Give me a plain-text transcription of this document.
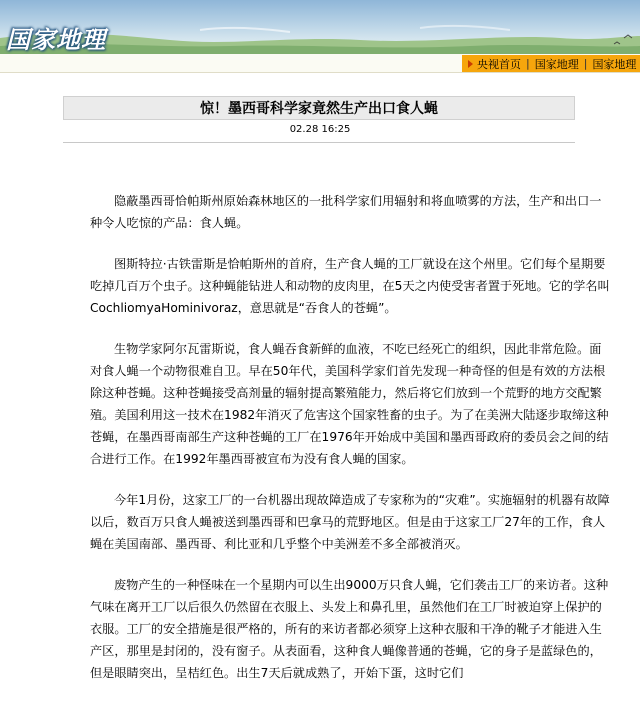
国家地理
央视首页 | 国家地理 | 国家地理
惊！墨西哥科学家竟然生产出口食人蝇
02.28 16:25

隐蔽墨西哥恰帕斯州原始森林地区的一批科学家们用辐射和将血喷雾的方法，生产和出口一种令人吃惊的产品：食人蝇。

图斯特拉·古铁雷斯是恰帕斯州的首府，生产食人蝇的工厂就设在这个州里。它们每个星期要吃掉几百万个虫子。这种蝇能钻进人和动物的皮肉里，在5天之内使受害者置于死地。它的学名叫CochliomyaHominivoraz，意思就是“吞食人的苍蝇”。

生物学家阿尔瓦雷斯说，食人蝇吞食新鲜的血液，不吃已经死亡的组织，因此非常危险。面对食人蝇一个动物很难自卫。早在50年代，美国科学家们首先发现一种奇怪的但是有效的方法根除这种苍蝇。这种苍蝇接受高剂量的辐射提高繁殖能力，然后将它们放到一个荒野的地方交配繁殖。美国利用这一技术在1982年消灭了危害这个国家牲畜的虫子。为了在美洲大陆逐步取缔这种苍蝇，在墨西哥南部生产这种苍蝇的工厂在1976年开始成中美国和墨西哥政府的委员会之间的结合进行工作。在1992年墨西哥被宣布为没有食人蝇的国家。

今年1月份，这家工厂的一台机器出现故障造成了专家称为的“灾难”。实施辐射的机器有故障以后，数百万只食人蝇被送到墨西哥和巴拿马的荒野地区。但是由于这家工厂27年的工作，食人蝇在美国南部、墨西哥、利比亚和几乎整个中美洲差不多全部被消灭。

废物产生的一种怪味在一个星期内可以生出9000万只食人蝇，它们袭击工厂的来访者。这种气味在离开工厂以后很久仍然留在衣服上、头发上和鼻孔里，虽然他们在工厂时被迫穿上保护的衣服。工厂的安全措施是很严格的，所有的来访者都必须穿上这种衣服和干净的靴子才能进入生产区，那里是封闭的，没有窗子。从表面看，这种食人蝇像普通的苍蝇，它的身子是蓝绿色的，但是眼睛突出，呈桔红色。出生7天后就成熟了，开始下蛋，这时它们
